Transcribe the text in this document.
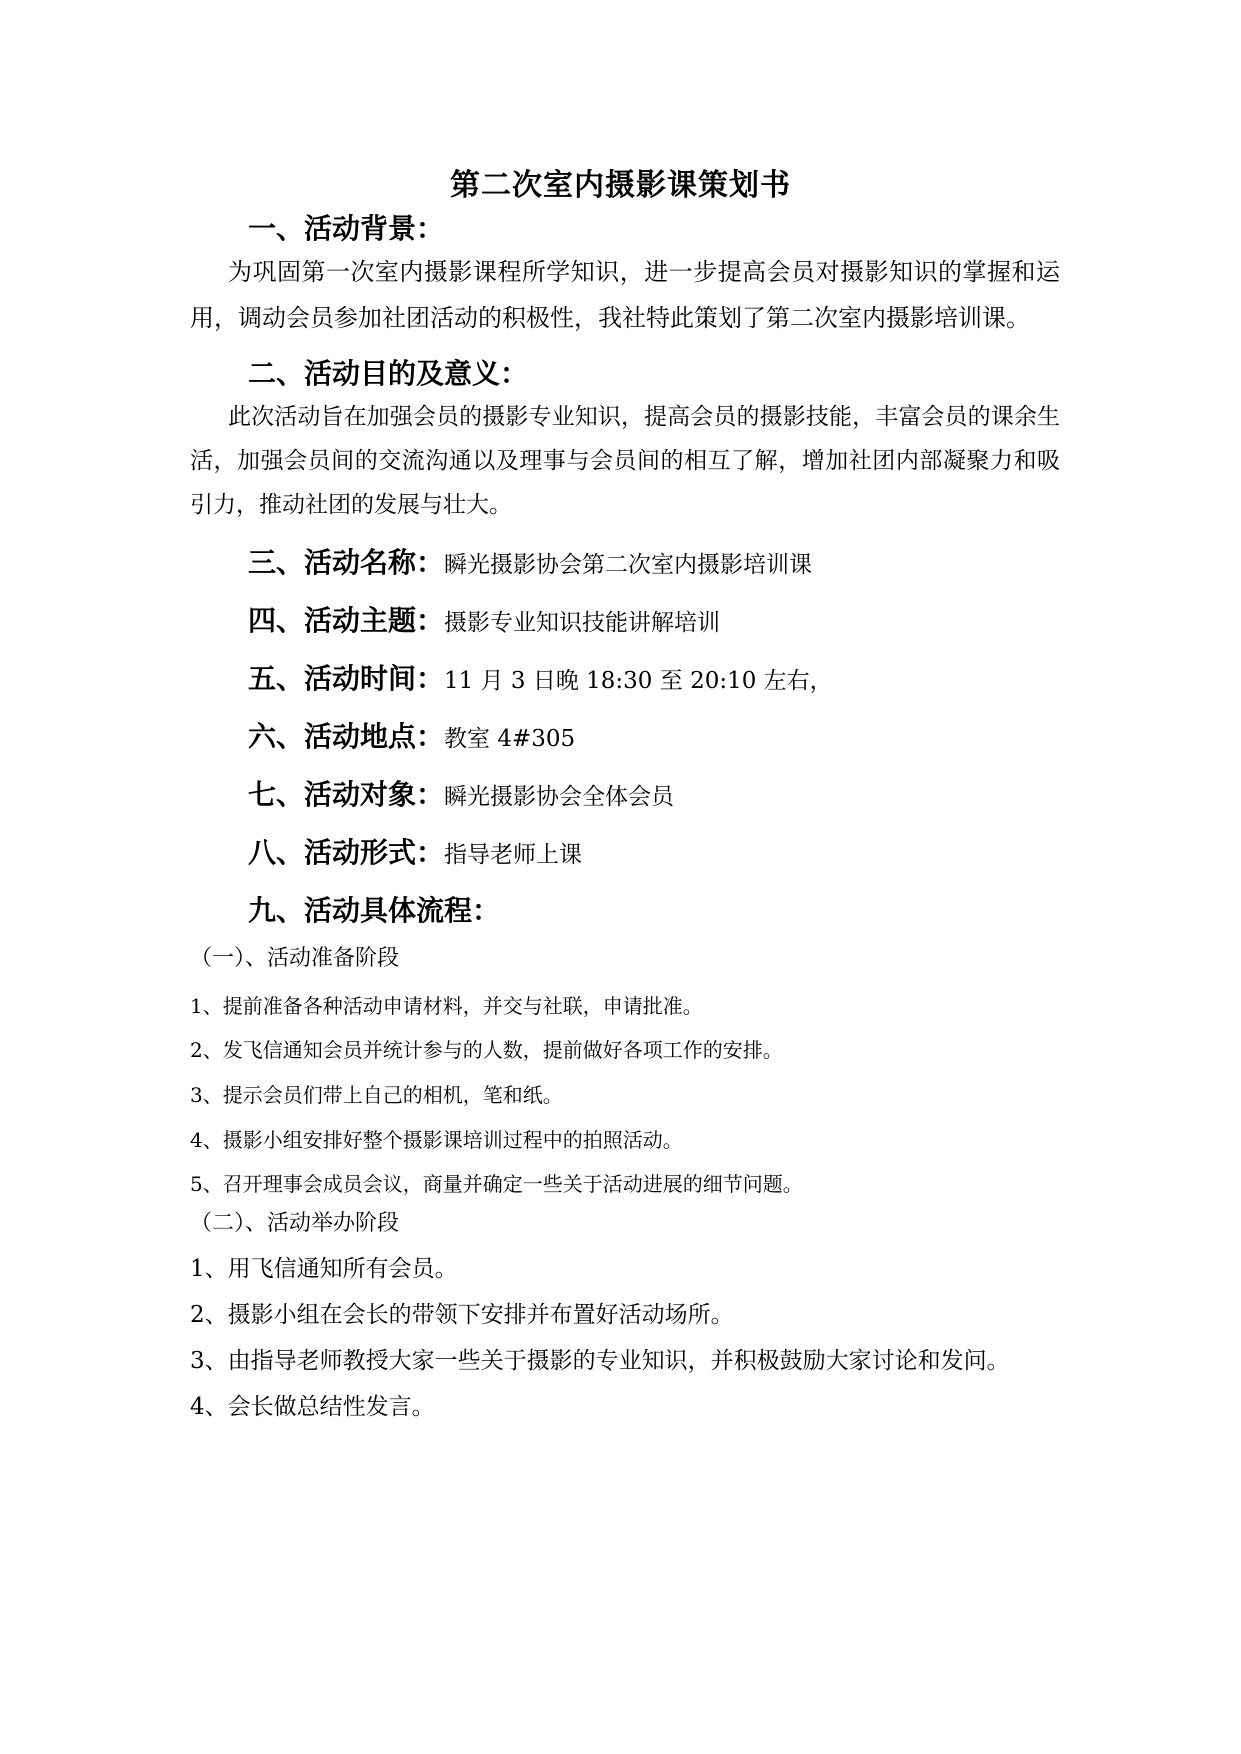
第二次室内摄影课策划书
一、活动背景：
为巩固第一次室内摄影课程所学知识，进一步提高会员对摄影知识的掌握和运用，调动会员参加社团活动的积极性，我社特此策划了第二次室内摄影培训课。
二、活动目的及意义：
此次活动旨在加强会员的摄影专业知识，提高会员的摄影技能，丰富会员的课余生活，加强会员间的交流沟通以及理事与会员间的相互了解，增加社团内部凝聚力和吸引力，推动社团的发展与壮大。
三、活动名称：瞬光摄影协会第二次室内摄影培训课
四、活动主题：摄影专业知识技能讲解培训
五、活动时间：11 月 3 日晚 18:30 至 20:10 左右，
六、活动地点：教室 4#305
七、活动对象：瞬光摄影协会全体会员
八、活动形式：指导老师上课
九、活动具体流程：
（一）、活动准备阶段
1、提前准备各种活动申请材料，并交与社联，申请批准。
2、发飞信通知会员并统计参与的人数，提前做好各项工作的安排。
3、提示会员们带上自己的相机，笔和纸。
4、摄影小组安排好整个摄影课培训过程中的拍照活动。
5、召开理事会成员会议，商量并确定一些关于活动进展的细节问题。
（二）、活动举办阶段
1、用飞信通知所有会员。
2、摄影小组在会长的带领下安排并布置好活动场所。
3、由指导老师教授大家一些关于摄影的专业知识，并积极鼓励大家讨论和发问。
4、会长做总结性发言。
